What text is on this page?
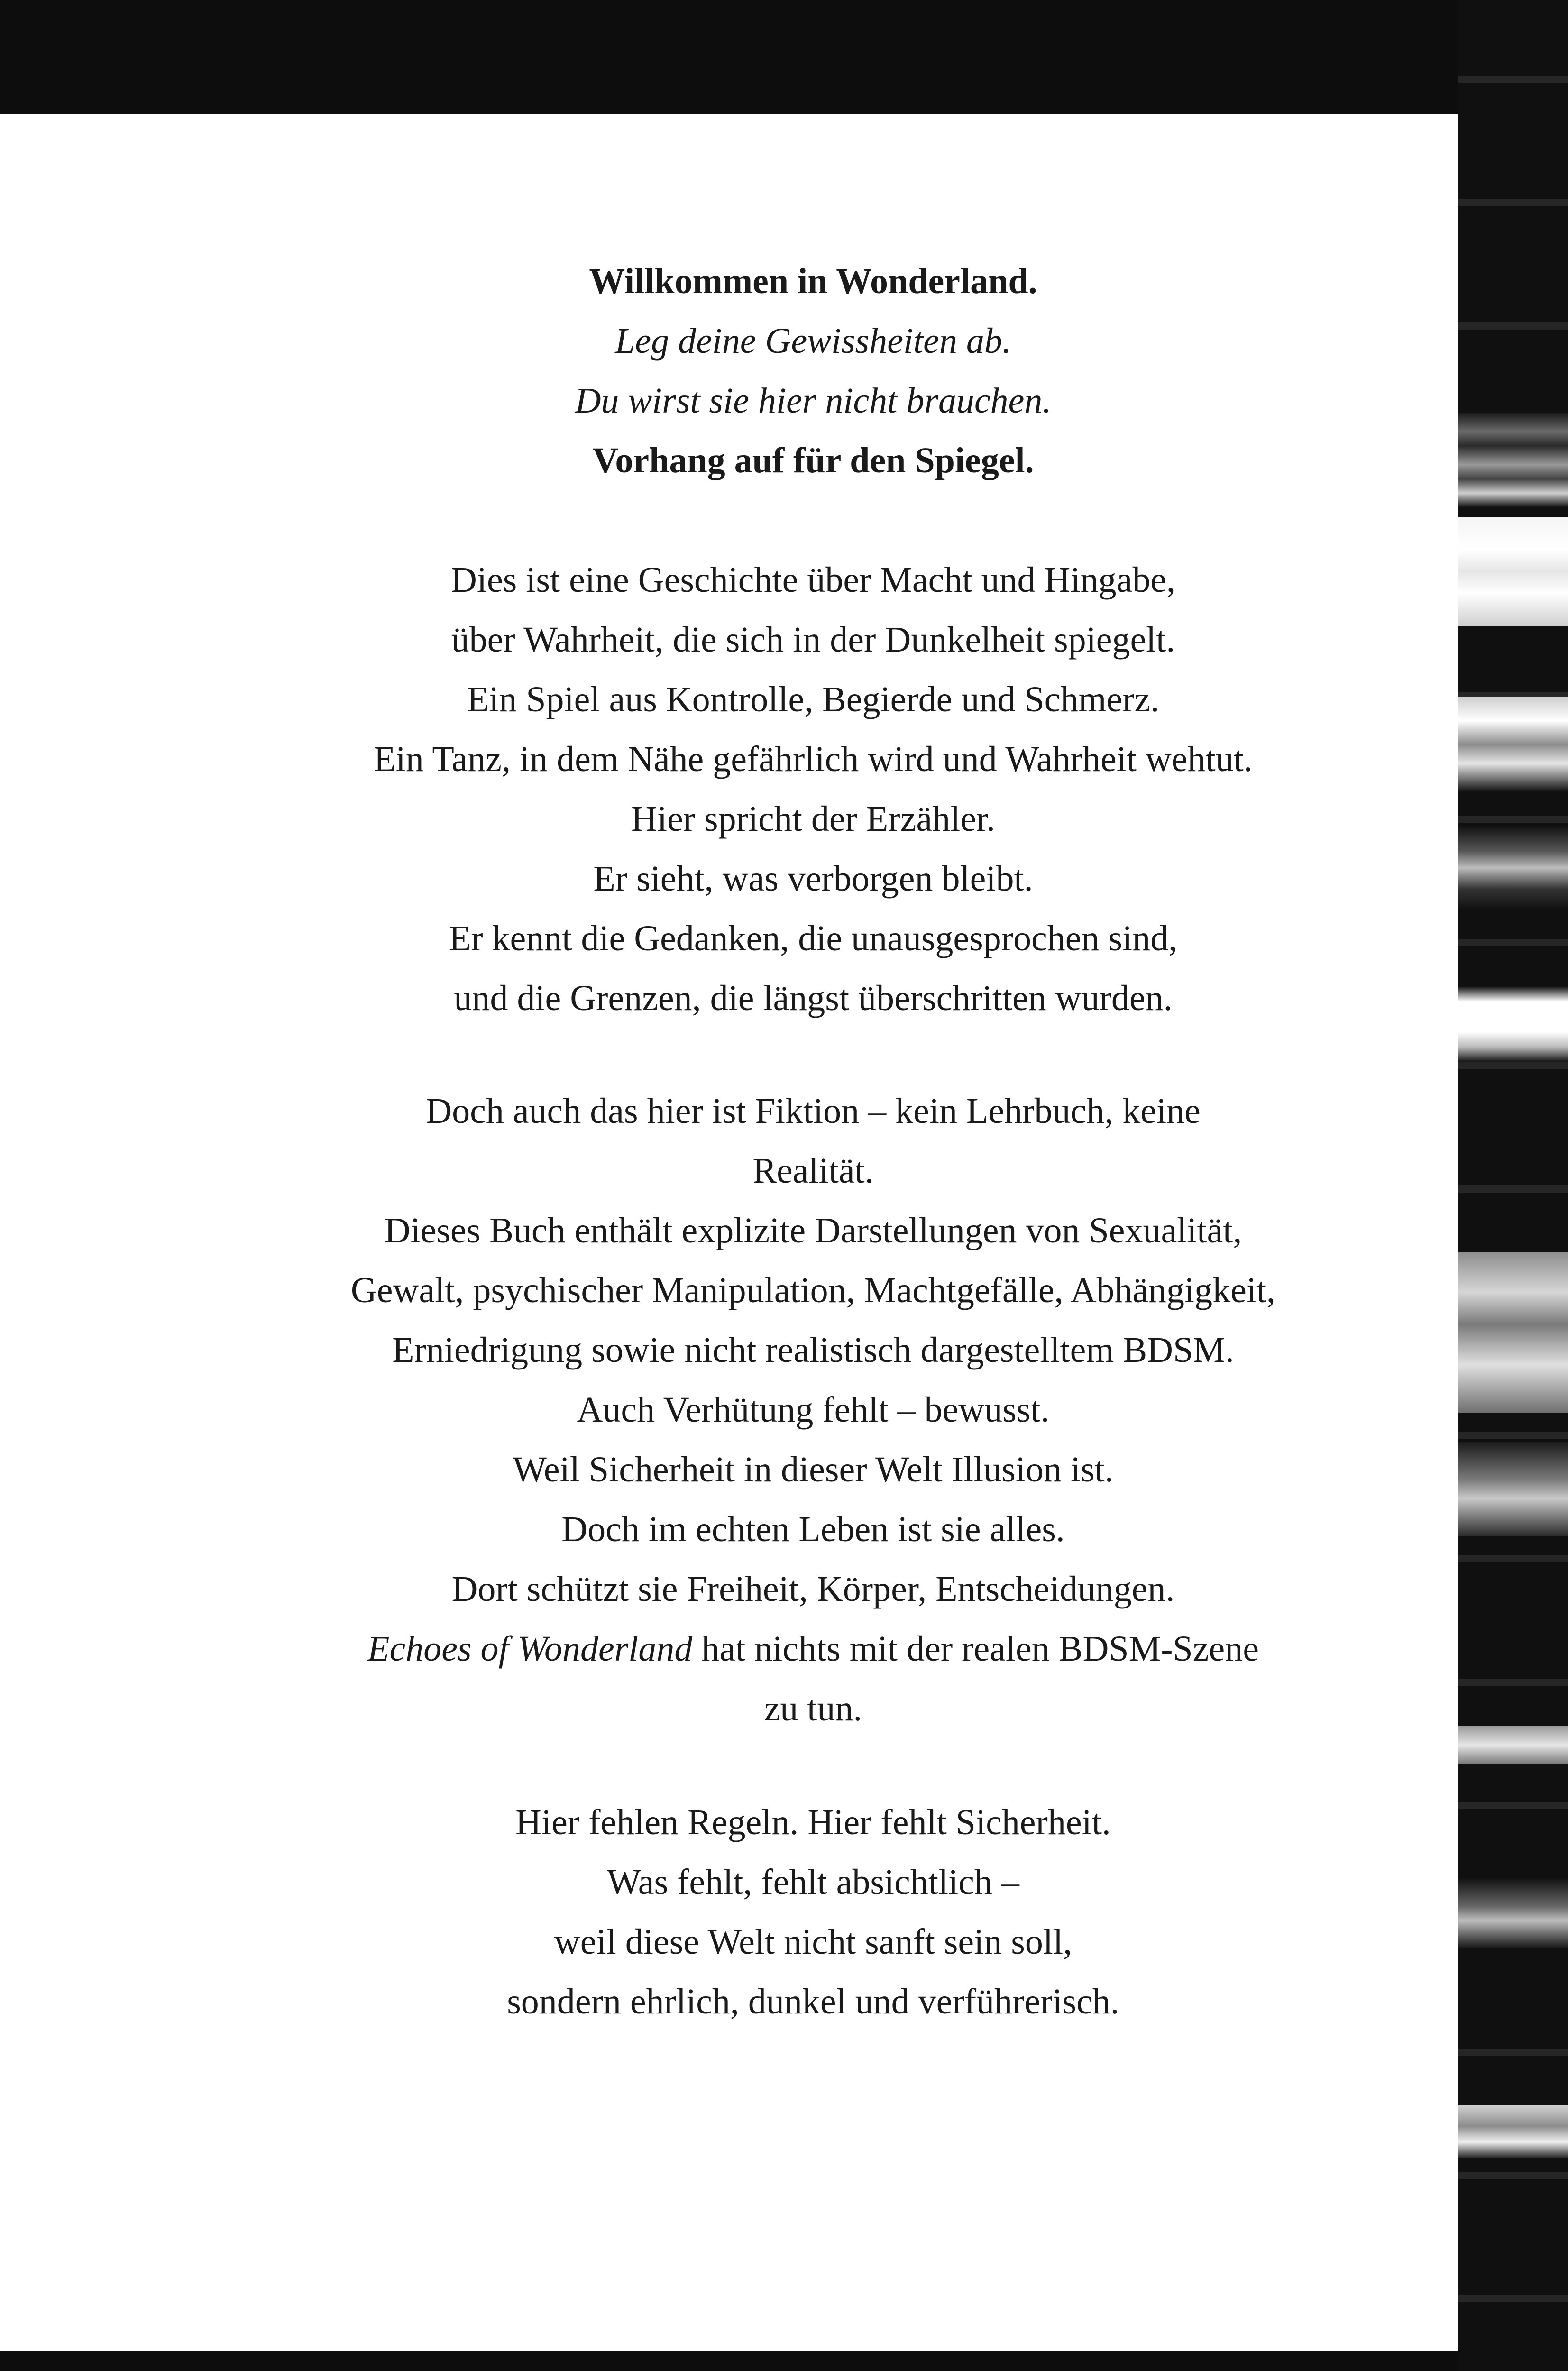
Willkommen in Wonderland.
Leg deine Gewissheiten ab.
Du wirst sie hier nicht brauchen.
Vorhang auf für den Spiegel.
Dies ist eine Geschichte über Macht und Hingabe,
über Wahrheit, die sich in der Dunkelheit spiegelt.
Ein Spiel aus Kontrolle, Begierde und Schmerz.
Ein Tanz, in dem Nähe gefährlich wird und Wahrheit wehtut.
Hier spricht der Erzähler.
Er sieht, was verborgen bleibt.
Er kennt die Gedanken, die unausgesprochen sind,
und die Grenzen, die längst überschritten wurden.
Doch auch das hier ist Fiktion – kein Lehrbuch, keine
Realität.
Dieses Buch enthält explizite Darstellungen von Sexualität,
Gewalt, psychischer Manipulation, Machtgefälle, Abhängigkeit,
Erniedrigung sowie nicht realistisch dargestelltem BDSM.
Auch Verhütung fehlt – bewusst.
Weil Sicherheit in dieser Welt Illusion ist.
Doch im echten Leben ist sie alles.
Dort schützt sie Freiheit, Körper, Entscheidungen.
Echoes of Wonderland hat nichts mit der realen BDSM-Szene
zu tun.
Hier fehlen Regeln. Hier fehlt Sicherheit.
Was fehlt, fehlt absichtlich –
weil diese Welt nicht sanft sein soll,
sondern ehrlich, dunkel und verführerisch.
